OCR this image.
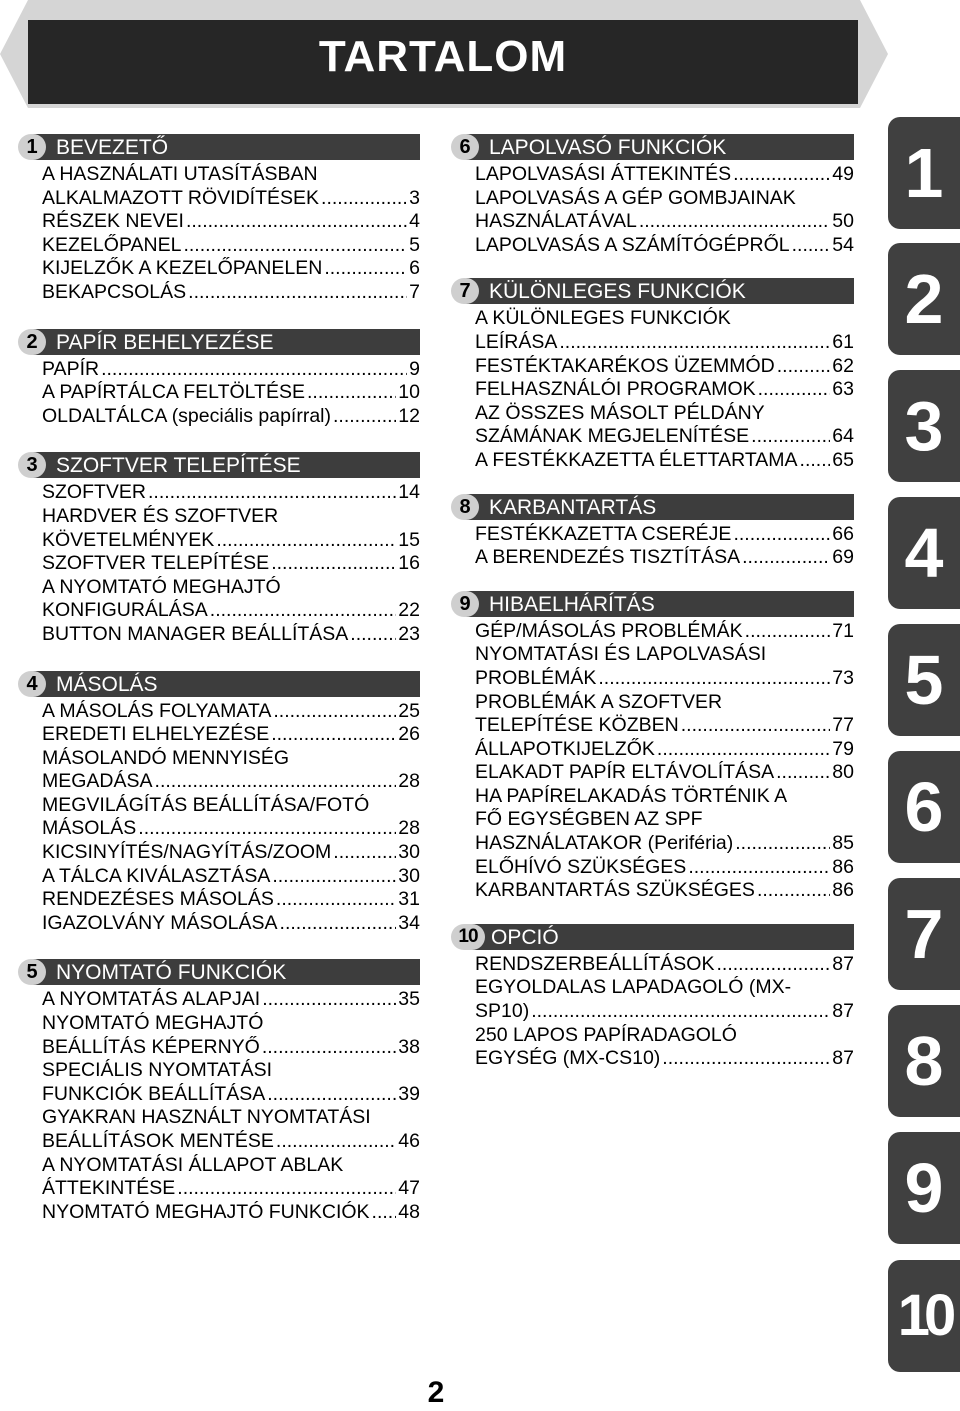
TARTALOM
1 BEVEZETŐ
A HASZNÁLATI UTASÍTÁSBAN
ALKALMAZOTT RÖVIDÍTÉSEK .....	3
RÉSZEK NEVEI .....	4
KEZELŐPANEL .....	5
KIJELZŐK A KEZELŐPANELEN .....	6
BEKAPCSOLÁS .....	7
2 PAPÍR BEHELYEZÉSE
PAPÍR .....	9
A PAPÍRTÁLCA FELTÖLTÉSE .....	10
OLDALTÁLCA (speciális papírral) .....	12
3 SZOFTVER TELEPÍTÉSE
SZOFTVER .....	14
HARDVER ÉS SZOFTVER
KÖVETELMÉNYEK .....	15
SZOFTVER TELEPÍTÉSE .....	16
A NYOMTATÓ MEGHAJTÓ
KONFIGURÁLÁSA .....	22
BUTTON MANAGER BEÁLLÍTÁSA .....	23
4 MÁSOLÁS
A MÁSOLÁS FOLYAMATA .....	25
EREDETI ELHELYEZÉSE .....	26
MÁSOLANDÓ MENNYISÉG
MEGADÁSA .....	28
MEGVILÁGÍTÁS BEÁLLÍTÁSA/FOTÓ
MÁSOLÁS .....	28
KICSINYÍTÉS/NAGYÍTÁS/ZOOM .....	30
A TÁLCA KIVÁLASZTÁSA .....	30
RENDEZÉSES MÁSOLÁS .....	31
IGAZOLVÁNY MÁSOLÁSA .....	34
5 NYOMTATÓ FUNKCIÓK
A NYOMTATÁS ALAPJAI .....	35
NYOMTATÓ MEGHAJTÓ
BEÁLLÍTÁS KÉPERNYŐ .....	38
SPECIÁLIS NYOMTATÁSI
FUNKCIÓK BEÁLLÍTÁSA .....	39
GYAKRAN HASZNÁLT NYOMTATÁSI
BEÁLLÍTÁSOK MENTÉSE .....	46
A NYOMTATÁSI ÁLLAPOT ABLAK
ÁTTEKINTÉSE .....	47
NYOMTATÓ MEGHAJTÓ FUNKCIÓK ..... 48
6 LAPOLVASÓ FUNKCIÓK
LAPOLVASÁSI ÁTTEKINTÉS .....	49
LAPOLVASÁS A GÉP GOMBJAINAK
HASZNÁLATÁVAL .....	50
LAPOLVASÁS A SZÁMÍTÓGÉPRŐL ..... 54
7 KÜLÖNLEGES FUNKCIÓK
A KÜLÖNLEGES FUNKCIÓK
LEÍRÁSA .....	61
FESTÉKTAKARÉKOS ÜZEMMÓD .....	62
FELHASZNÁLÓI PROGRAMOK .....	63
AZ ÖSSZES MÁSOLT PÉLDÁNY
SZÁMÁNAK MEGJELENÍTÉSE .....	64
A FESTÉKKAZETTA ÉLETTARTAMA ..... 65
8 KARBANTARTÁS
FESTÉKKAZETTA CSERÉJE .....	66
A BERENDEZÉS TISZTÍTÁSA .....	69
9 HIBAELHÁRÍTÁS
GÉP/MÁSOLÁS PROBLÉMÁK .....	71
NYOMTATÁSI ÉS LAPOLVASÁSI
PROBLÉMÁK .....	73
PROBLÉMÁK A SZOFTVER
TELEPÍTÉSE KÖZBEN .....	77
ÁLLAPOTKIJELZŐK .....	79
ELAKADT PAPÍR ELTÁVOLÍTÁSA .....	80
HA PAPÍRELAKADÁS TÖRTÉNIK A
FŐ EGYSÉGBEN AZ SPF
HASZNÁLATAKOR (Periféria) .....	85
ELŐHÍVÓ SZÜKSÉGES .....	86
KARBANTARTÁS SZÜKSÉGES .....	86
10 OPCIÓ
RENDSZERBEÁLLÍTÁSOK .....	87
EGYOLDALAS LAPADAGOLÓ (MX-
SP10) .....	87
250 LAPOS PAPÍRADAGOLÓ
EGYSÉG (MX-CS10) .....	87
1
2
3
4
5
6
7
8
9
10
2
